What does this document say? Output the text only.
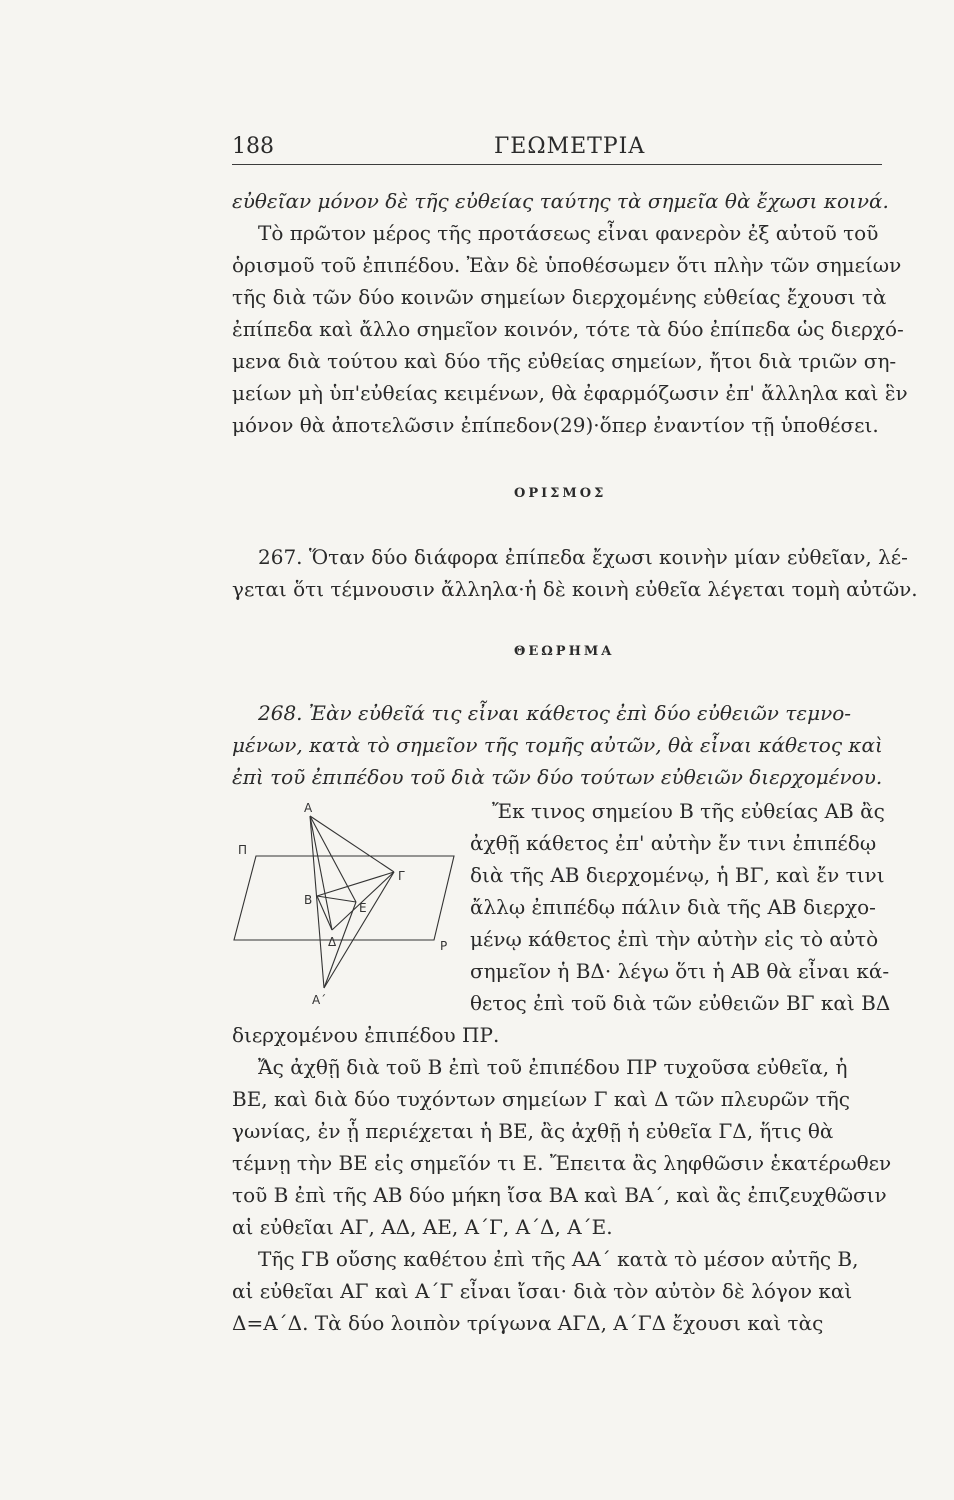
188	ΓΕΩΜΕΤΡΙΑ
εὐθεῖαν μόνον δὲ τῆς εὐθείας ταύτης τὰ σημεῖα θὰ ἔχωσι κοινά.
Τὸ πρῶτον μέρος τῆς προτάσεως εἶναι φανερὸν ἐξ αὐτοῦ τοῦ
ὁρισμοῦ τοῦ ἐπιπέδου. Ἐὰν δὲ ὑποθέσωμεν ὅτι πλὴν τῶν σημείων
τῆς διὰ τῶν δύο κοινῶν σημείων διερχομένης εὐθείας ἔχουσι τὰ
ἐπίπεδα καὶ ἄλλο σημεῖον κοινόν, τότε τὰ δύο ἐπίπεδα ὡς διερχό-
μενα διὰ τούτου καὶ δύο τῆς εὐθείας σημείων, ἤτοι διὰ τριῶν ση-
μείων μὴ ὑπ'εὐθείας κειμένων, θὰ ἐφαρμόζωσιν ἐπ' ἄλληλα καὶ ἓν
μόνον θὰ ἀποτελῶσιν ἐπίπεδον(29)·ὅπερ ἐναντίον τῇ ὑποθέσει.
ΟΡΙΣΜΟΣ
267. Ὅταν δύο διάφορα ἐπίπεδα ἔχωσι κοινὴν μίαν εὐθεῖαν, λέ-
γεται ὅτι τέμνουσιν ἄλληλα·ἡ δὲ κοινὴ εὐθεῖα λέγεται τομὴ αὐτῶν.
ΘΕΩΡΗΜΑ
268. Ἐὰν εὐθεῖά τις εἶναι κάθετος ἐπὶ δύο εὐθειῶν τεμνο-
μένων, κατὰ τὸ σημεῖον τῆς τομῆς αὐτῶν, θὰ εἶναι κάθετος καὶ
ἐπὶ τοῦ ἐπιπέδου τοῦ διὰ τῶν δύο τούτων εὐθειῶν διερχομένου.
Α
Α΄
Β
Γ
Ε
Δ
Π
Ρ
Ἔκ τινος σημείου Β τῆς εὐθείας ΑΒ ἂς
ἀχθῇ κάθετος ἐπ' αὐτὴν ἔν τινι ἐπιπέδῳ
διὰ τῆς ΑΒ διερχομένῳ, ἡ ΒΓ, καὶ ἔν τινι
ἄλλῳ ἐπιπέδῳ πάλιν διὰ τῆς ΑΒ διερχο-
μένῳ κάθετος ἐπὶ τὴν αὐτὴν εἰς τὸ αὐτὸ
σημεῖον ἡ ΒΔ· λέγω ὅτι ἡ ΑΒ θὰ εἶναι κά-
θετος ἐπὶ τοῦ διὰ τῶν εὐθειῶν ΒΓ καὶ ΒΔ
διερχομένου ἐπιπέδου ΠΡ.
Ἄς ἀχθῇ διὰ τοῦ Β ἐπὶ τοῦ ἐπιπέδου ΠΡ τυχοῦσα εὐθεῖα, ἡ
ΒΕ, καὶ διὰ δύο τυχόντων σημείων Γ καὶ Δ τῶν πλευρῶν τῆς
γωνίας, ἐν ᾗ περιέχεται ἡ ΒΕ, ἂς ἀχθῇ ἡ εὐθεῖα ΓΔ, ἥτις θὰ
τέμνῃ τὴν ΒΕ εἰς σημεῖόν τι Ε. Ἔπειτα ἂς ληφθῶσιν ἑκατέρωθεν
τοῦ Β ἐπὶ τῆς ΑΒ δύο μήκη ἴσα ΒΑ καὶ ΒΑ΄, καὶ ἂς ἐπιζευχθῶσιν
αἱ εὐθεῖαι ΑΓ, ΑΔ, ΑΕ, Α΄Γ, Α΄Δ, Α΄Ε.
Τῆς ΓΒ οὔσης καθέτου ἐπὶ τῆς ΑΑ΄ κατὰ τὸ μέσον αὐτῆς Β,
αἱ εὐθεῖαι ΑΓ καὶ Α΄Γ εἶναι ἴσαι· διὰ τὸν αὐτὸν δὲ λόγον καὶ
Δ=Α΄Δ. Τὰ δύο λοιπὸν τρίγωνα ΑΓΔ, Α΄ΓΔ ἔχουσι καὶ τὰς
